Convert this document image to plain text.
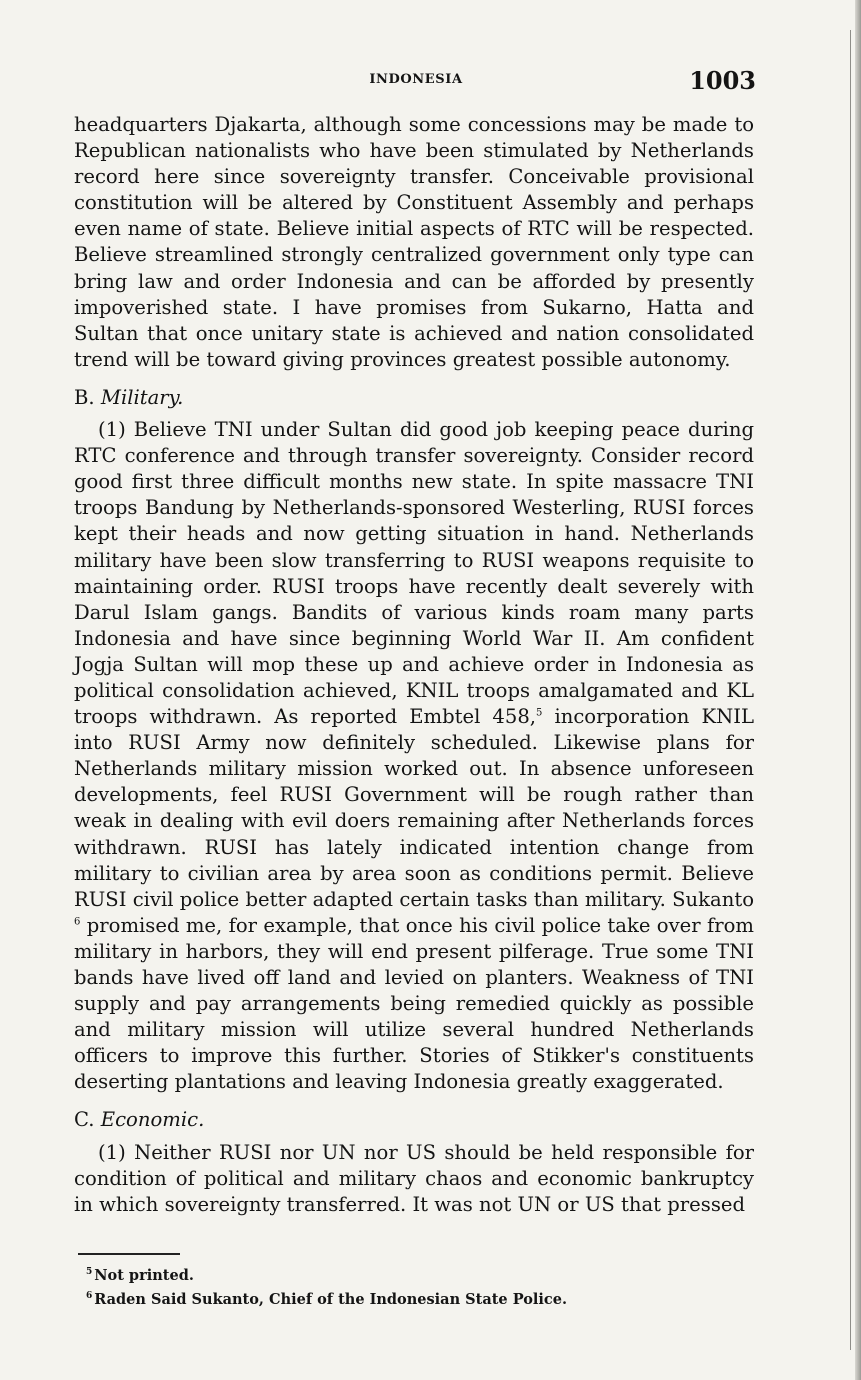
INDONESIA	1003

headquarters Djakarta, although some concessions may be made to Republican nationalists who have been stimulated by Netherlands record here since sovereignty transfer. Conceivable provisional constitution will be altered by Constituent Assembly and perhaps even name of state. Believe initial aspects of RTC will be respected. Believe streamlined strongly centralized government only type can bring law and order Indonesia and can be afforded by presently impoverished state. I have promises from Sukarno, Hatta and Sultan that once unitary state is achieved and nation consolidated trend will be toward giving provinces greatest possible autonomy.

B. Military.

(1) Believe TNI under Sultan did good job keeping peace during RTC conference and through transfer sovereignty. Consider record good first three difficult months new state. In spite massacre TNI troops Bandung by Netherlands-sponsored Westerling, RUSI forces kept their heads and now getting situation in hand. Netherlands military have been slow transferring to RUSI weapons requisite to maintaining order. RUSI troops have recently dealt severely with Darul Islam gangs. Bandits of various kinds roam many parts Indonesia and have since beginning World War II. Am confident Jogja Sultan will mop these up and achieve order in Indonesia as political consolidation achieved, KNIL troops amalgamated and KL troops withdrawn. As reported Embtel 458,$^5$ incorporation KNIL into RUSI Army now definitely scheduled. Likewise plans for Netherlands military mission worked out. In absence unforeseen developments, feel RUSI Government will be rough rather than weak in dealing with evil doers remaining after Netherlands forces withdrawn. RUSI has lately indicated intention change from military to civilian area by area soon as conditions permit. Believe RUSI civil police better adapted certain tasks than military. Sukanto $^6$ promised me, for example, that once his civil police take over from military in harbors, they will end present pilferage. True some TNI bands have lived off land and levied on planters. Weakness of TNI supply and pay arrangements being remedied quickly as possible and military mission will utilize several hundred Netherlands officers to improve this further. Stories of Stikker's constituents deserting plantations and leaving Indonesia greatly exaggerated.

C. Economic.

(1) Neither RUSI nor UN nor US should be held responsible for condition of political and military chaos and economic bankruptcy in which sovereignty transferred. It was not UN or US that pressed

$^5$ Not printed.
$^6$ Raden Said Sukanto, Chief of the Indonesian State Police.
